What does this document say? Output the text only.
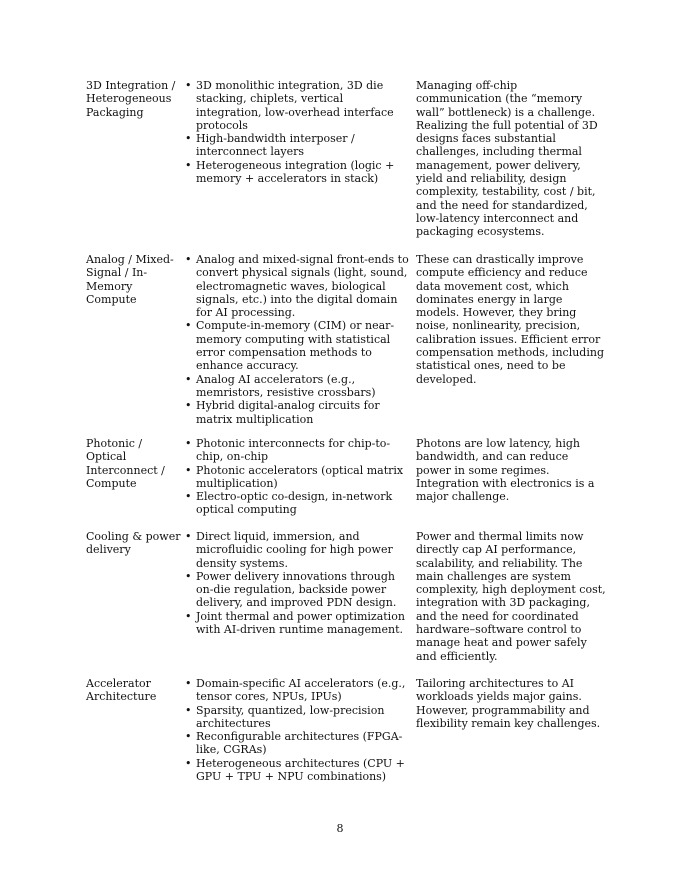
3D Integration / Heterogeneous Packaging
• 3D monolithic integration, 3D die stacking, chiplets, vertical integration, low-overhead interface protocols
• High-bandwidth interposer / interconnect layers
• Heterogeneous integration (logic + memory + accelerators in stack)
Managing off-chip communication (the “memory wall” bottleneck) is a challenge. Realizing the full potential of 3D designs faces substantial challenges, including thermal management, power delivery, yield and reliability, design complexity, testability, cost / bit, and the need for standardized, low-latency interconnect and packaging ecosystems.
Analog / Mixed-Signal / In-Memory Compute
• Analog and mixed-signal front-ends to convert physical signals (light, sound, electromagnetic waves, biological signals, etc.) into the digital domain for AI processing.
• Compute-in-memory (CIM) or near-memory computing with statistical error compensation methods to enhance accuracy.
• Analog AI accelerators (e.g., memristors, resistive crossbars)
• Hybrid digital-analog circuits for matrix multiplication
These can drastically improve compute efficiency and reduce data movement cost, which dominates energy in large models. However, they bring noise, nonlinearity, precision, calibration issues. Efficient error compensation methods, including statistical ones, need to be developed.
Photonic / Optical Interconnect / Compute
• Photonic interconnects for chip-to-chip, on-chip
• Photonic accelerators (optical matrix multiplication)
• Electro-optic co-design, in-network optical computing
Photons are low latency, high bandwidth, and can reduce power in some regimes. Integration with electronics is a major challenge.
Cooling & power delivery
• Direct liquid, immersion, and microfluidic cooling for high power density systems.
• Power delivery innovations through on-die regulation, backside power delivery, and improved PDN design.
• Joint thermal and power optimization with AI-driven runtime management.
Power and thermal limits now directly cap AI performance, scalability, and reliability. The main challenges are system complexity, high deployment cost, integration with 3D packaging, and the need for coordinated hardware–software control to manage heat and power safely and efficiently.
Accelerator Architecture
• Domain-specific AI accelerators (e.g., tensor cores, NPUs, IPUs)
• Sparsity, quantized, low-precision architectures
• Reconfigurable architectures (FPGA-like, CGRAs)
• Heterogeneous architectures (CPU + GPU + TPU + NPU combinations)
Tailoring architectures to AI workloads yields major gains. However, programmability and flexibility remain key challenges.
8
